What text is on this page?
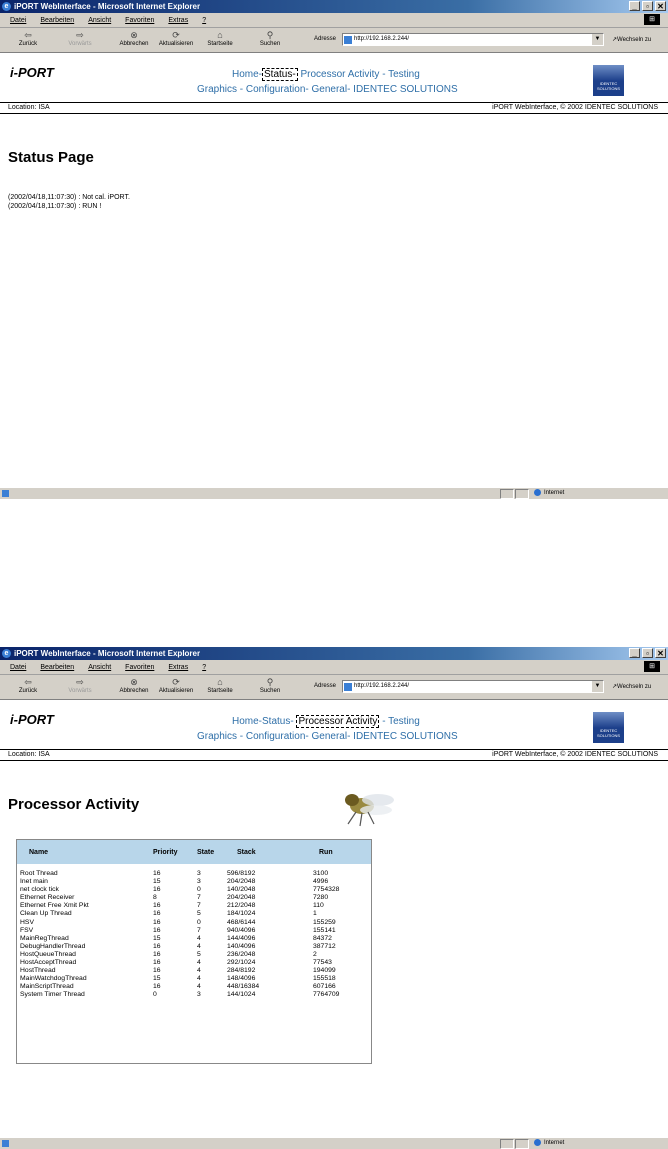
e iPORT WebInterface - Microsoft Internet Explorer	_	▫	✕
Datei Bearbeiten Ansicht Favoriten Extras ?	⊞
⇦
Zurück
⇨
Vorwärts
⊗
Abbrechen
⟳
Aktualisieren
⌂
Startseite
⚲
Suchen
Adresse	http://192.168.2.244/	▼	↗Wechseln zu
i-PORT	Home- Status- Processor Activity - Testing
Graphics - Configuration- General- IDENTEC SOLUTIONS
IDENTEC SOLUTIONS
Location: ISA	iPORT WebInterface, © 2002 IDENTEC SOLUTIONS
Status Page
(2002/04/18,11:07:30) : Not cal. iPORT.
(2002/04/18,11:07:30) : RUN !
Internet
e iPORT WebInterface - Microsoft Internet Explorer	_	▫	✕
Datei Bearbeiten Ansicht Favoriten Extras ?	⊞
⇦
Zurück
⇨
Vorwärts
⊗
Abbrechen
⟳
Aktualisieren
⌂
Startseite
⚲
Suchen
Adresse	http://192.168.2.244/	▼	↗Wechseln zu
i-PORT	Home-Status- Processor Activity - Testing
Graphics - Configuration- General- IDENTEC SOLUTIONS
IDENTEC SOLUTIONS
Location: ISA	iPORT WebInterface, © 2002 IDENTEC SOLUTIONS
Processor Activity
Name	Priority	State	Stack	Run
Root Thread	16	3	596/8192	3100
Inet main	15	3	204/2048	4996
net clock tick	16	0	140/2048	7754328
Ethernet Receiver	8	7	204/2048	7280
Ethernet Free Xmit Pkt	16	7	212/2048	110
Clean Up Thread	16	5	184/1024	1
HSV	16	0	468/6144	155259
FSV	16	7	940/4096	155141
MainRegThread	15	4	144/4096	84372
DebugHandlerThread	16	4	140/4096	387712
HostQueueThread	16	5	236/2048	2
HostAcceptThread	16	4	292/1024	77543
HostThread	16	4	284/8192	194099
MainWatchdogThread	15	4	148/4096	155518
MainScriptThread	16	4	448/16384	607166
System Timer Thread	0	3	144/1024	7764709
Internet
